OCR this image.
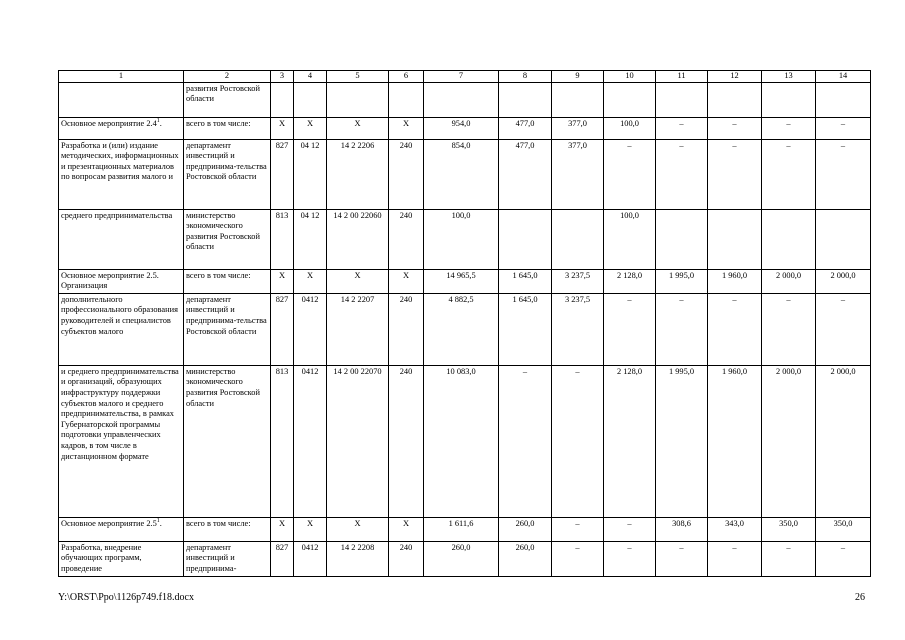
1	2	3	4	5	6	7	8	9	10	11	12	13	14
	развития Ростовской области												
Основное мероприятие $2.4^1$.	всего в том числе:	Х	Х	Х	Х	954,0	477,0	377,0	100,0	–	–	–	–
Разработка и (или) издание методических, информационных и презентационных материалов по вопросам развития малого и	департамент инвестиций и предпринима-тельства Ростовской области	827	04 12	14 2 2206	240	854,0	477,0	377,0	–	–	–	–	–
среднего предпринимательства	министерство экономического развития Ростовской области	813	04 12	14 2 00 22060	240	100,0			100,0				
Основное мероприятие 2.5. Организация	всего в том числе:	Х	Х	Х	Х	14 965,5	1 645,0	3 237,5	2 128,0	1 995,0	1 960,0	2 000,0	2 000,0
дополнительного профессионального образования руководителей и специалистов субъектов малого	департамент инвестиций и предпринима-тельства Ростовской области	827	0412	14 2 2207	240	4 882,5	1 645,0	3 237,5	–	–	–	–	–
и среднего предпринимательства и организаций, образующих инфраструктуру поддержки субъектов малого и среднего предпринимательства, в рамках Губернаторской программы подготовки управленческих кадров, в том числе в дистанционном формате	министерство экономического развития Ростовской области	813	0412	14 2 00 22070	240	10 083,0	–	–	2 128,0	1 995,0	1 960,0	2 000,0	2 000,0
Основное мероприятие $2.5^1$.	всего в том числе:	Х	Х	Х	Х	1 611,6	260,0	–	–	308,6	343,0	350,0	350,0
Разработка, внедрение обучающих программ, проведение	департамент инвестиций и предпринима-	827	0412	14 2 2208	240	260,0	260,0	–	–	–	–	–	–
Y:\ORST\Ppo\1126p749.f18.docx	26
